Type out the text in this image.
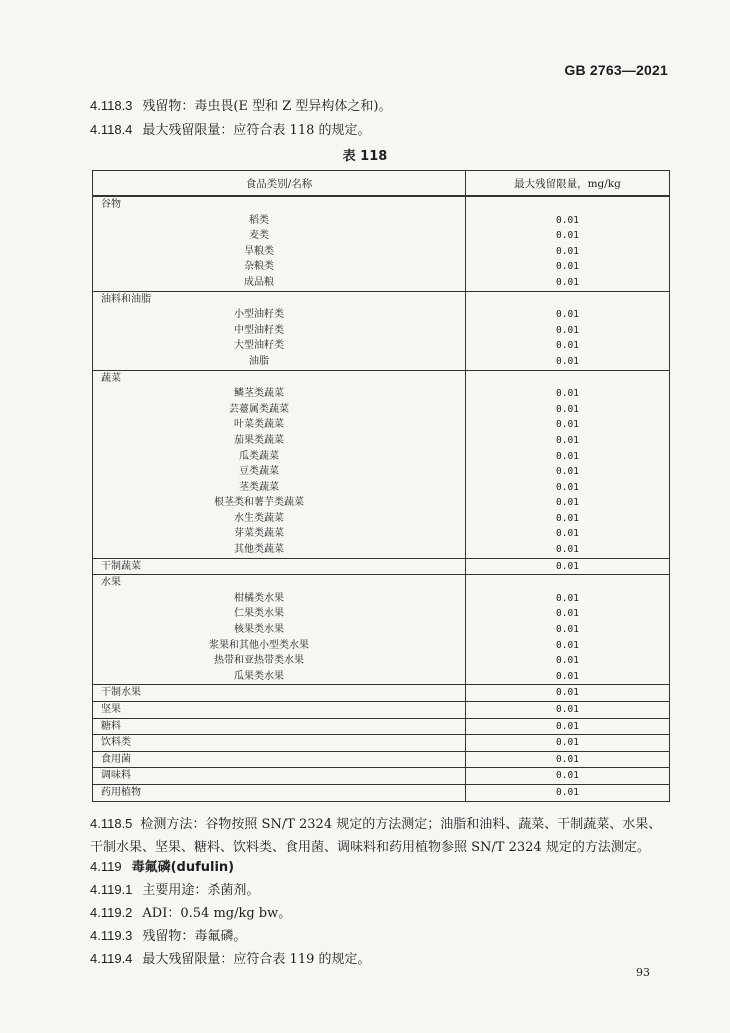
GB 2763—2021
4.118.3 残留物：毒虫畏(E 型和 Z 型异构体之和)。
4.118.4 最大残留限量：应符合表 118 的规定。
表 118
食品类别/名称	最大残留限量，mg/kg
谷物	
稻类	0.01
麦类	0.01
旱粮类	0.01
杂粮类	0.01
成品粮	0.01
油料和油脂	
小型油籽类	0.01
中型油籽类	0.01
大型油籽类	0.01
油脂	0.01
蔬菜	
鳞茎类蔬菜	0.01
芸薹属类蔬菜	0.01
叶菜类蔬菜	0.01
茄果类蔬菜	0.01
瓜类蔬菜	0.01
豆类蔬菜	0.01
茎类蔬菜	0.01
根茎类和薯芋类蔬菜	0.01
水生类蔬菜	0.01
芽菜类蔬菜	0.01
其他类蔬菜	0.01
干制蔬菜	0.01
水果	
柑橘类水果	0.01
仁果类水果	0.01
核果类水果	0.01
浆果和其他小型类水果	0.01
热带和亚热带类水果	0.01
瓜果类水果	0.01
干制水果	0.01
坚果	0.01
糖料	0.01
饮料类	0.01
食用菌	0.01
调味料	0.01
药用植物	0.01
4.118.5 检测方法：谷物按照 SN/T 2324 规定的方法测定；油脂和油料、蔬菜、干制蔬菜、水果、干制水果、坚果、糖料、饮料类、食用菌、调味料和药用植物参照 SN/T 2324 规定的方法测定。
4.119 毒氟磷(dufulin)
4.119.1 主要用途：杀菌剂。
4.119.2 ADI：0.54 mg/kg bw。
4.119.3 残留物：毒氟磷。
4.119.4 最大残留限量：应符合表 119 的规定。
93
